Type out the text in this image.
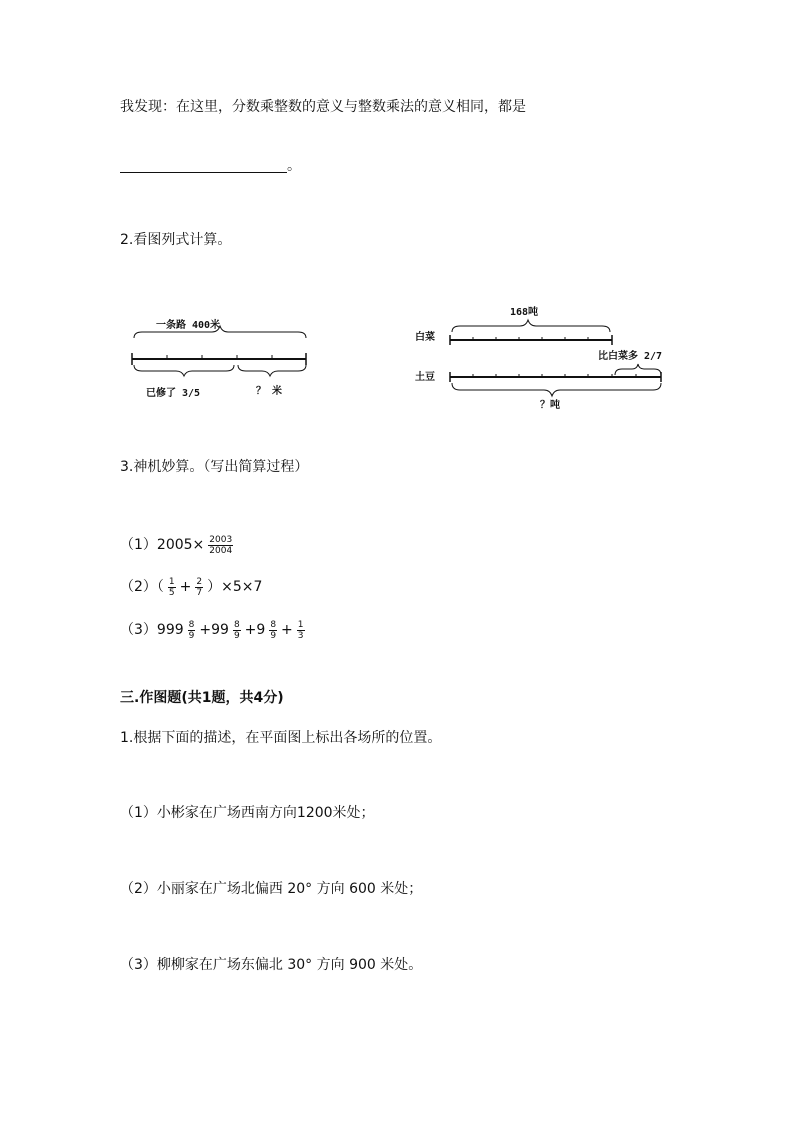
我发现：在这里，分数乘整数的意义与整数乘法的意义相同，都是
。
2.看图列式计算。
一条路 400米
已修了 3/5	？ 米
168吨
白菜
比白菜多 2/7
土豆
？吨
3.神机妙算。（写出简算过程）
$(1)2005\times \frac{2003}{2004}$
$(2)( \frac{1}{5} + \frac{2}{7} )\times 5\times 7$
$(3)999 \frac{8}{9} +99 \frac{8}{9} +9 \frac{8}{9} + \frac{1}{3}$
三.作图题(共1题，共4分)
1.根据下面的描述，在平面图上标出各场所的位置。
（1）小彬家在广场西南方向1200米处；
（2）小丽家在广场北偏西 20° 方向 600 米处；
（3）柳柳家在广场东偏北 30° 方向 900 米处。
